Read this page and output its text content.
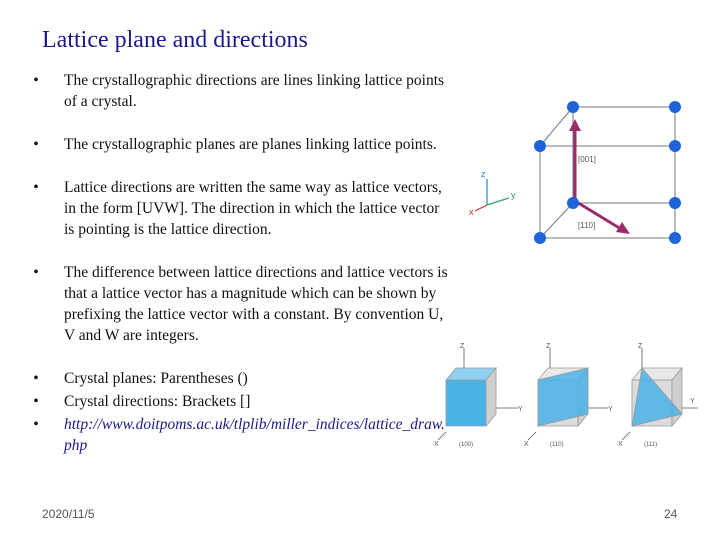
Lattice plane and directions

•	The crystallographic directions are lines linking lattice points of a crystal.

•	The crystallographic planes are planes linking lattice points.

•	Lattice directions are written the same way as lattice vectors, in the form [UVW]. The direction in which the lattice vector is pointing is the lattice direction.

•	The difference between lattice directions and lattice vectors is that a lattice vector has a magnitude which can be shown by prefixing the lattice vector with a constant. By convention U, V and W are integers.

•	Crystal planes: Parentheses ()

•	Crystal directions: Brackets []

•	http://www.doitpoms.ac.uk/tlplib/miller_indices/lattice_draw.php

z
y
x
[001]
[110]
Z
Y
X	(100)
Z
Y
X	(110)
Z
Y
X	(111)
2020/11/5	24
